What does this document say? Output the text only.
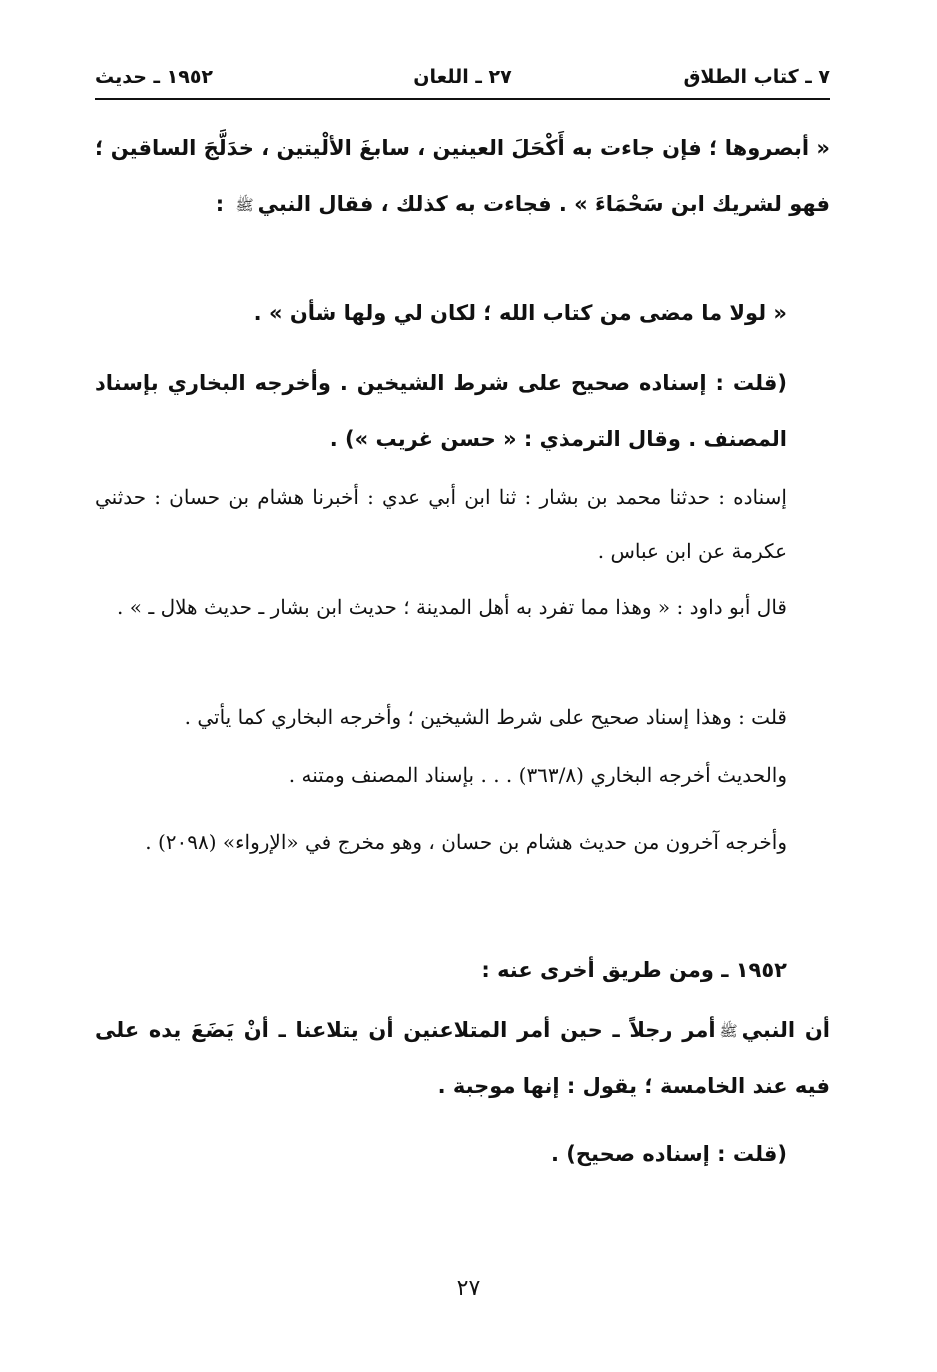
٧ ـ كتاب الطلاق
٢٧ ـ اللعان
١٩٥٢ ـ حديث

« أبصروها ؛ فإن جاءت به أَكْحَلَ العينين ، سابغَ الألْيتين ، خدَلَّجَ الساقين ؛ فهو لشريك ابن سَحْمَاءَ » . فجاءت به كذلك ، فقال النبيﷺ :

« لولا ما مضى من كتاب الله ؛ لكان لي ولها شأن » .

(قلت : إسناده صحيح على شرط الشيخين . وأخرجه البخاري بإسناد المصنف . وقال الترمذي : « حسن غريب ») .

إسناده : حدثنا محمد بن بشار : ثنا ابن أبي عدي : أخبرنا هشام بن حسان : حدثني عكرمة عن ابن عباس .

قال أبو داود : « وهذا مما تفرد به أهل المدينة ؛ حديث ابن بشار ـ حديث هلال ـ » .

قلت : وهذا إسناد صحيح على شرط الشيخين ؛ وأخرجه البخاري كما يأتي .

والحديث أخرجه البخاري (٣٦٣/٨) . . . بإسناد المصنف ومتنه .

وأخرجه آخرون من حديث هشام بن حسان ، وهو مخرج في «الإرواء» (٢٠٩٨) .

١٩٥٢ ـ ومن طريق أخرى عنه :

أن النبيﷺأمر رجلاً ـ حين أمر المتلاعنين أن يتلاعنا ـ أنْ يَضَعَ يده على فيه عند الخامسة ؛ يقول : إنها موجبة .

(قلت : إسناده صحيح) .

٢٧
